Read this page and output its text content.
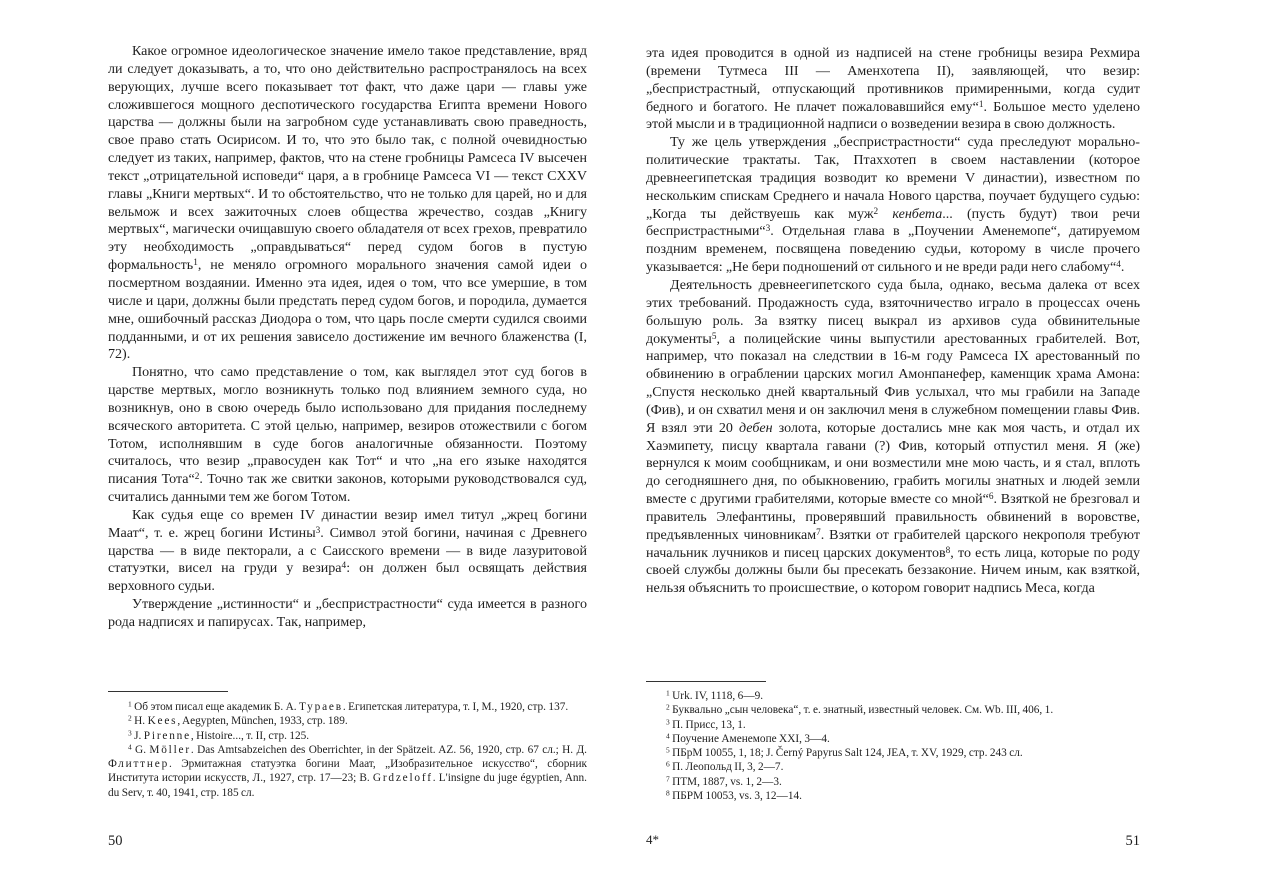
Какое огромное идеологическое значение имело такое представление, вряд ли следует доказывать, а то, что оно действительно распространялось на всех верующих, лучше всего показывает тот факт, что даже цари — главы уже сложившегося мощного деспотического государства Египта времени Нового царства — должны были на загробном суде устанавливать свою праведность, свое право стать Осирисом. И то, что это было так, с полной очевидностью следует из таких, например, фактов, что на стене гробницы Рамсеса IV высечен текст „отрицательной исповеди“ царя, а в гробнице Рамсеса VI — текст CXXV главы „Книги мертвых“. И то обстоятельство, что не только для царей, но и для вельмож и всех зажиточных слоев общества жречество, создав „Книгу мертвых“, магически очищавшую своего обладателя от всех грехов, превратило эту необходимость „оправдываться“ перед судом богов в пустую формальность$^1$, не меняло огромного морального значения самой идеи о посмертном воздаянии. Именно эта идея, идея о том, что все умершие, в том числе и цари, должны были предстать перед судом богов, и породила, думается мне, ошибочный рассказ Диодора о том, что царь после смерти судился своими подданными, и от их решения зависело достижение им вечного блаженства (I, 72).

Понятно, что само представление о том, как выглядел этот суд богов в царстве мертвых, могло возникнуть только под влиянием земного суда, но возникнув, оно в свою очередь было использовано для придания последнему всяческого авторитета. С этой целью, например, везиров отожествили с богом Тотом, исполнявшим в суде богов аналогичные обязанности. Поэтому считалось, что везир „правосуден как Тот“ и что „на его языке находятся писания Тота“$^2$. Точно так же свитки законов, которыми руководствовался суд, считались данными тем же богом Тотом.

Как судья еще со времен IV династии везир имел титул „жрец богини Маат“, т. е. жрец богини Истины$^3$. Символ этой богини, начиная с Древнего царства — в виде пекторали, а с Саисского времени — в виде лазуритовой статуэтки, висел на груди у везира$^4$: он должен был освящать действия верховного судьи.

Утверждение „истинности“ и „беспристрастности“ суда имеется в разного рода надписях и папирусах. Так, например,

$^1$ Об этом писал еще академик Б. А. Тураев. Египетская литература, т. I, М., 1920, стр. 137.

$^2$ H. Kees, Aegypten, München, 1933, стр. 189.

$^3$ J. Pirenne, Histoire..., т. II, стр. 125.

$^4$ G. Möller. Das Amtsabzeichen des Oberrichter, in der Spätzeit. AZ. 56, 1920, стр. 67 сл.; Н. Д. Флиттнер. Эрмитажная статуэтка богини Маат, „Изобразительное искусство“, сборник Института истории искусств, Л., 1927, стр. 17—23; B. Grdzeloff. L'insigne du juge égyptien, Ann. du Serv, т. 40, 1941, стр. 185 сл.

50

эта идея проводится в одной из надписей на стене гробницы везира Рехмира (времени Тутмеса III — Аменхотепа II), заявляющей, что везир: „беспристрастный, отпускающий противников примиренными, когда судит бедного и богатого. Не плачет пожаловавшийся ему“$^1$. Большое место уделено этой мысли и в традиционной надписи о возведении везира в свою должность.

Ту же цель утверждения „беспристрастности“ суда преследуют морально-политические трактаты. Так, Птаххотеп в своем наставлении (которое древнеегипетская традиция возводит ко времени V династии), известном по нескольким спискам Среднего и начала Нового царства, поучает будущего судью: „Когда ты действуешь как муж$^2$ кенбета... (пусть будут) твои речи беспристрастными“$^3$. Отдельная глава в „Поучении Аменемопе“, датируемом поздним временем, посвящена поведению судьи, которому в числе прочего указывается: „Не бери подношений от сильного и не вреди ради него слабому“$^4$.

Деятельность древнеегипетского суда была, однако, весьма далека от всех этих требований. Продажность суда, взяточничество играло в процессах очень большую роль. За взятку писец выкрал из архивов суда обвинительные документы$^5$, а полицейские чины выпустили арестованных грабителей. Вот, например, что показал на следствии в 16-м году Рамсеса IX арестованный по обвинению в ограблении царских могил Амонпанефер, каменщик храма Амона: „Спустя несколько дней квартальный Фив услыхал, что мы грабили на Западе (Фив), и он схватил меня и он заключил меня в служебном помещении главы Фив. Я взял эти 20 дебен золота, которые достались мне как моя часть, и отдал их Хаэмипету, писцу квартала гавани (?) Фив, который отпустил меня. Я (же) вернулся к моим сообщникам, и они возместили мне мою часть, и я стал, вплоть до сегодняшнего дня, по обыкновению, грабить могилы знатных и людей земли вместе с другими грабителями, которые вместе со мной“$^6$. Взяткой не брезговал и правитель Элефантины, проверявший правильность обвинений в воровстве, предъявленных чиновникам$^7$. Взятки от грабителей царского некрополя требуют начальник лучников и писец царских документов$^8$, то есть лица, которые по роду своей службы должны были бы пресекать беззаконие. Ничем иным, как взяткой, нельзя объяснить то происшествие, о котором говорит надпись Меса, когда

$^1$ Urk. IV, 1118, 6—9.

$^2$ Буквально „сын человека“, т. е. знатный, известный человек. См. Wb. III, 406, 1.

$^3$ П. Присс, 13, 1.

$^4$ Поучение Аменемопе XXI, 3—4.

$^5$ ПБрМ 10055, 1, 18; J. Černý Papyrus Salt 124, JEA, т. XV, 1929, стр. 243 сл.

$^6$ П. Леопольд II, 3, 2—7.

$^7$ ПТМ, 1887, vs. 1, 2—3.

$^8$ ПБРМ 10053, vs. 3, 12—14.

4*	51
